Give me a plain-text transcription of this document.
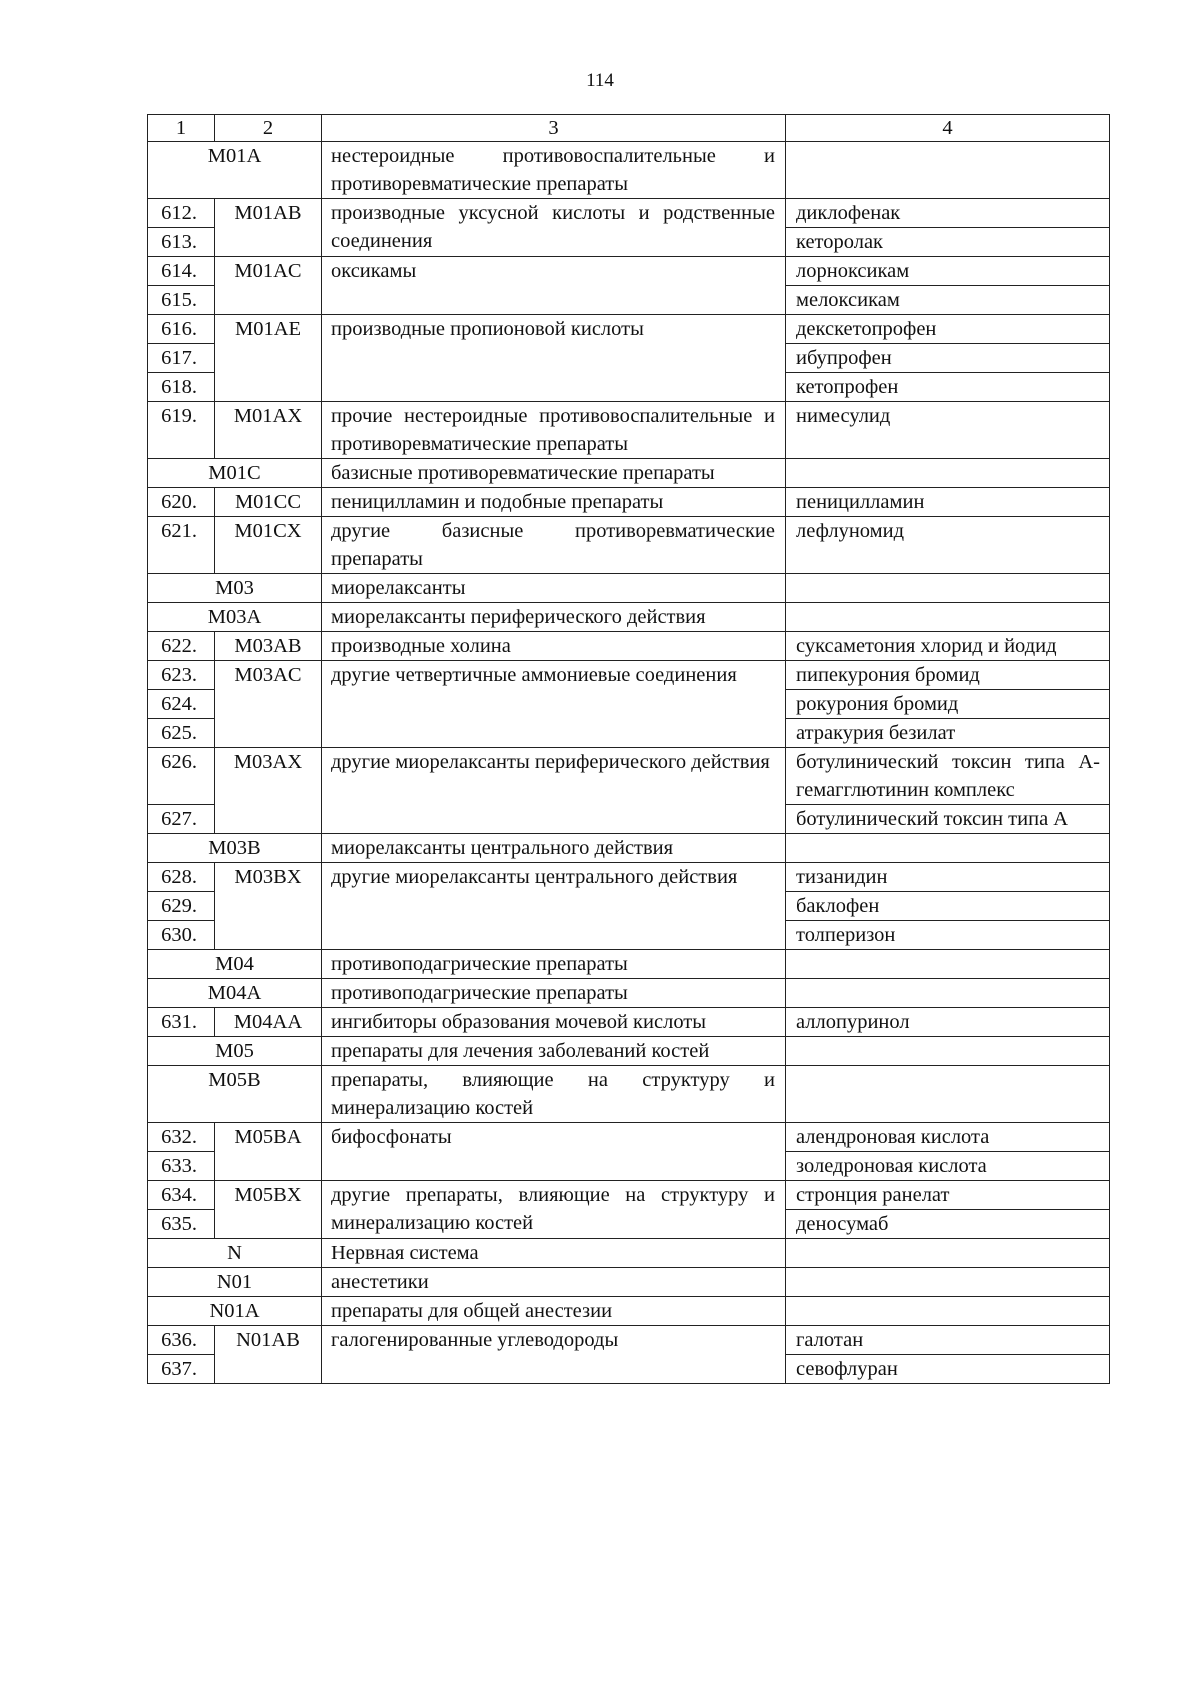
114
1	2	3	4
M01A		нестероидные противовоспалительные и противоревматические препараты	
612.	M01AB	производные уксусной кислоты и родственные соединения	диклофенак
613.			кеторолак
614.	M01AC	оксикамы	лорноксикам
615.			мелоксикам
616.	M01AE	производные пропионовой кислоты	декскетопрофен
617.			ибупрофен
618.			кетопрофен
619.	M01AX	прочие нестероидные противовоспалительные и противоревматические препараты	нимесулид
M01C		базисные противоревматические препараты	
620.	M01CC	пеницилламин и подобные препараты	пеницилламин
621.	M01CX	другие базисные противоревматические препараты	лефлуномид
M03		миорелаксанты	
M03A		миорелаксанты периферического действия	
622.	M03AB	производные холина	суксаметония хлорид и йодид
623.	M03AC	другие четвертичные аммониевые соединения	пипекурония бромид
624.			рокурония бромид
625.			атракурия безилат
626.	M03AX	другие миорелаксанты периферического действия	ботулинический токсин типа А-гемагглютинин комплекс
627.			ботулинический токсин типа А
M03B		миорелаксанты центрального действия	
628.	M03BX	другие миорелаксанты центрального действия	тизанидин
629.			баклофен
630.			толперизон
M04		противоподагрические препараты	
M04A		противоподагрические препараты	
631.	M04AA	ингибиторы образования мочевой кислоты	аллопуринол
M05		препараты для лечения заболеваний костей	
M05B		препараты, влияющие на структуру и минерализацию костей	
632.	M05BA	бифосфонаты	алендроновая кислота
633.			золедроновая кислота
634.	M05BX	другие препараты, влияющие на структуру и минерализацию костей	стронция ранелат
635.			деносумаб
N		Нервная система	
N01		анестетики	
N01A		препараты для общей анестезии	
636.	N01AB	галогенированные углеводороды	галотан
637.			севофлуран
